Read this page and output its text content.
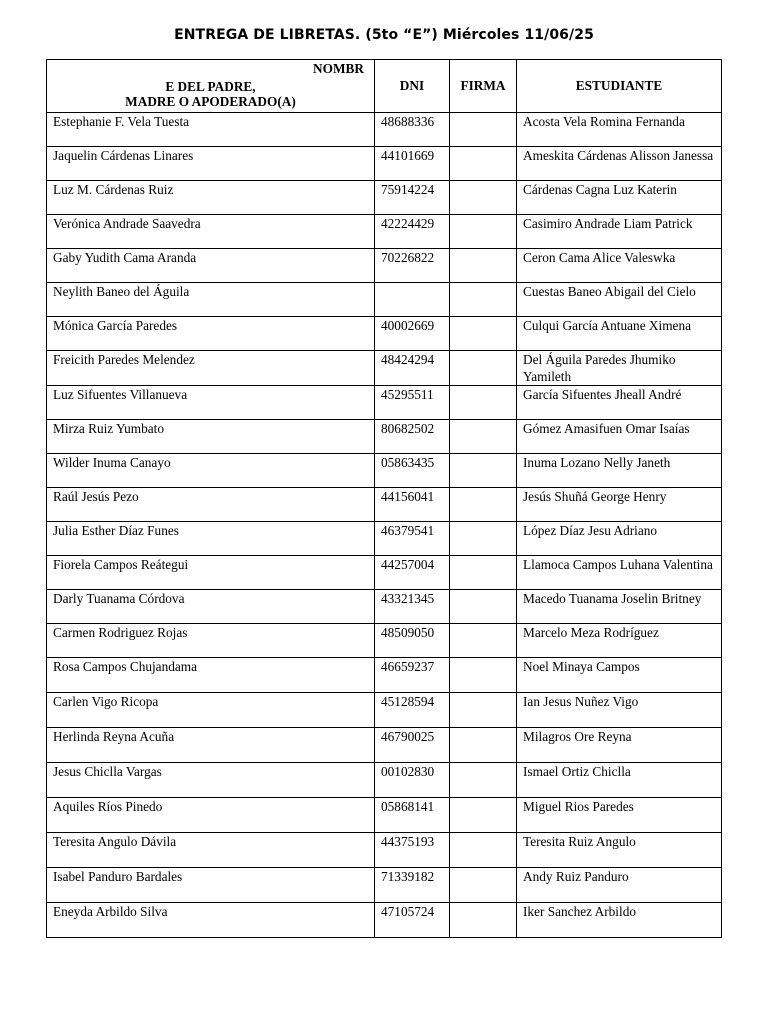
ENTREGA DE LIBRETAS. (5to “E”) Miércoles 11/06/25
NOMBR
E DEL PADRE,
MADRE O APODERADO(A)	DNI	FIRMA	ESTUDIANTE
Estephanie F. Vela Tuesta	48688336		Acosta Vela Romina Fernanda
Jaquelin Cárdenas Linares	44101669		Ameskita Cárdenas Alisson Janessa
Luz M. Cárdenas Ruiz	75914224		Cárdenas Cagna Luz Katerin
Verónica Andrade Saavedra	42224429		Casimiro Andrade Liam Patrick
Gaby Yudith Cama Aranda	70226822		Ceron Cama Alice Valeswka
Neylith Baneo del Águila			Cuestas Baneo Abigail del Cielo
Mónica García Paredes	40002669		Culqui García Antuane Ximena
Freicith Paredes Melendez	48424294		Del Águila Paredes Jhumiko Yamileth
Luz Sifuentes Villanueva	45295511		García Sifuentes Jheall André
Mirza Ruiz Yumbato	80682502		Gómez Amasifuen Omar Isaías
Wilder Inuma Canayo	05863435		Inuma Lozano Nelly Janeth
Raúl Jesús Pezo	44156041		Jesús Shuñá George Henry
Julia Esther Díaz Funes	46379541		López Díaz Jesu Adriano
Fiorela Campos Reátegui	44257004		Llamoca Campos Luhana Valentina
Darly Tuanama Córdova	43321345		Macedo Tuanama Joselin Britney
Carmen Rodriguez Rojas	48509050		Marcelo Meza Rodríguez
Rosa Campos Chujandama	46659237		Noel Minaya Campos
Carlen Vigo Ricopa	45128594		Ian Jesus Nuñez Vigo
Herlinda Reyna Acuña	46790025		Milagros Ore Reyna
Jesus Chiclla Vargas	00102830		Ismael Ortiz Chiclla
Aquiles Ríos Pinedo	05868141		Miguel Rios Paredes
Teresita Angulo Dávila	44375193		Teresita Ruiz Angulo
Isabel Panduro Bardales	71339182		Andy Ruiz Panduro
Eneyda Arbildo Silva	47105724		Iker Sanchez Arbildo
